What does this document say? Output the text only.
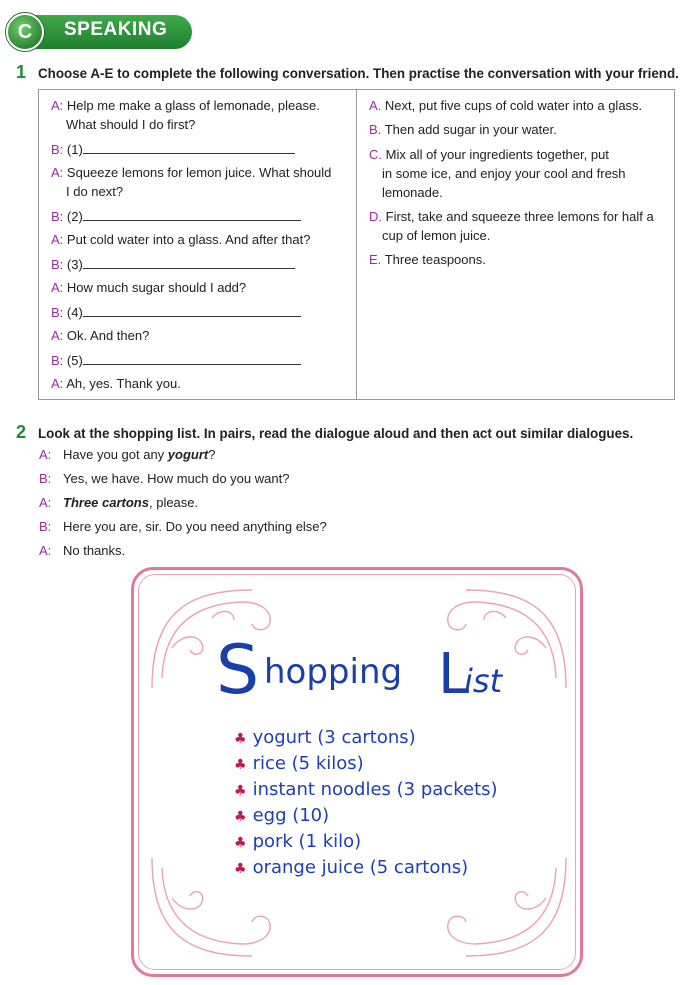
C	SPEAKING
1 Choose A-E to complete the following conversation. Then practise the conversation with your friend.
A: Help me make a glass of lemonade, please.
What should I do first?
B: (1)
A: Squeeze lemons for lemon juice. What should
I do next?
B: (2)
A: Put cold water into a glass. And after that?
B: (3)
A: How much sugar should I add?
B: (4)
A: Ok. And then?
B: (5)
A: Ah, yes. Thank you.
A. Next, put five cups of cold water into a glass.
B. Then add sugar in your water.
C. Mix all of your ingredients together, put
in some ice, and enjoy your cool and fresh
lemonade.
D. First, take and squeeze three lemons for half a
cup of lemon juice.
E. Three teaspoons.
2 Look at the shopping list. In pairs, read the dialogue aloud and then act out similar dialogues.
A: Have you got any yogurt?
B: Yes, we have. How much do you want?
A: Three cartons, please.
B: Here you are, sir. Do you need anything else?
A: No thanks.
S hopping L
ist
♣ yogurt (3 cartons)
♣ rice (5 kilos)
♣ instant noodles (3 packets)
♣ egg (10)
♣ pork (1 kilo)
♣ orange juice (5 cartons)
